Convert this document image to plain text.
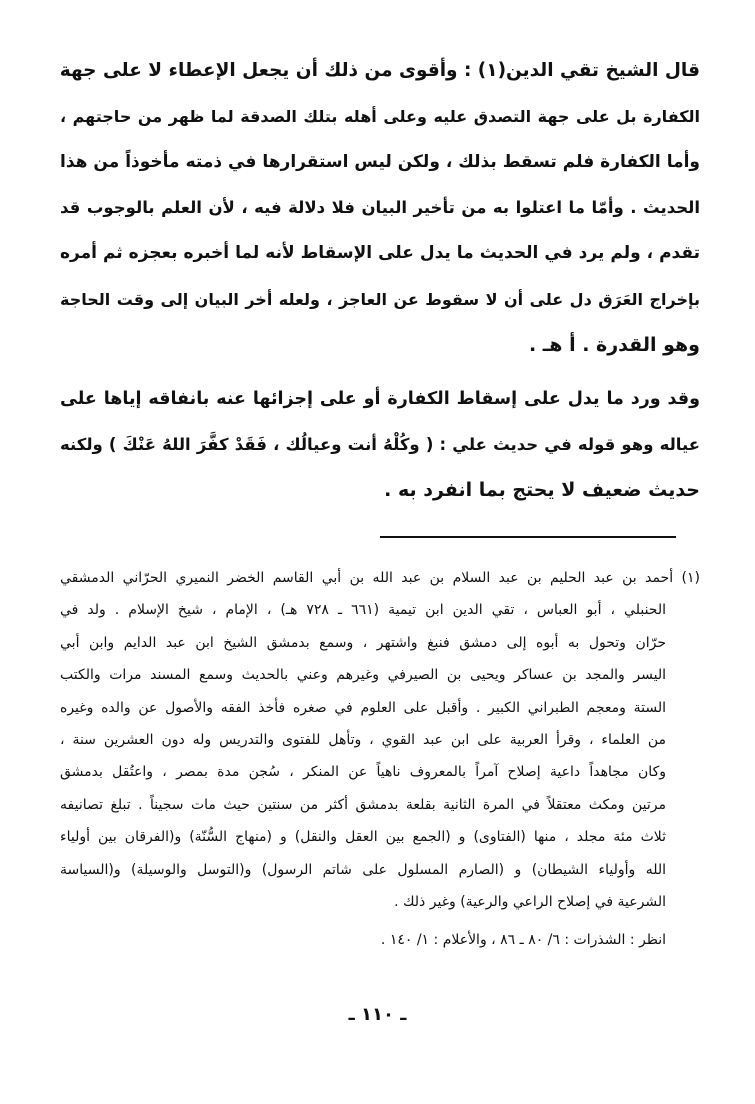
قال الشيخ تقي الدين(١) : وأقوى من ذلك أن يجعل الإعطاء لا على جهة
الكفارة بل على جهة التصدق عليه وعلى أهله بتلك الصدقة لما ظهر من حاجتهم ،
وأما الكفارة فلم تسقط بذلك ، ولكن ليس استقرارها في ذمته مأخوذاً من هذا
الحديث . وأمّا ما اعتلوا به من تأخير البيان فلا دلالة فيه ، لأن العلم بالوجوب قد
تقدم ، ولم يرد في الحديث ما يدل على الإسقاط لأنه لما أخبره بعجزه ثم أمره
بإخراج العَرَق دل على أن لا سقوط عن العاجز ، ولعله أخر البيان إلى وقت الحاجة
وهو القدرة . أ هـ .
وقد ورد ما يدل على إسقاط الكفارة أو على إجزائها عنه بانفاقه إياها على
عياله وهو قوله في حديث علي : ( وكُلْهُ أنت وعيالُك ، فَقَدْ كفَّرَ اللهُ عَنْكَ ) ولكنه
حديث ضعيف لا يحتج بما انفرد به .
(١) أحمد بن عبد الحليم بن عبد السلام بن عبد الله بن أبي القاسم الخضر النميري الحرّاني الدمشقي
الحنبلي ، أبو العباس ، تقي الدين ابن تيمية (٦٦١ ـ ٧٢٨ هـ) ، الإمام ، شيخ الإسلام . ولد في
حرّان وتحول به أبوه إلى دمشق فنبغ واشتهر ، وسمع بدمشق الشيخ ابن عبد الدايم وابن أبي
اليسر والمجد بن عساكر ويحيى بن الصيرفي وغيرهم وعني بالحديث وسمع المسند مرات والكتب
الستة ومعجم الطبراني الكبير . وأقبل على العلوم في صغره فأخذ الفقه والأصول عن والده وغيره
من العلماء ، وقرأ العربية على ابن عبد القوي ، وتأهل للفتوى والتدريس وله دون العشرين سنة ،
وكان مجاهداً داعية إصلاح آمراً بالمعروف ناهياً عن المنكر ، سُجن مدة بمصر ، واعتُقل بدمشق
مرتين ومكث معتقلاً في المرة الثانية بقلعة بدمشق أكثر من سنتين حيث مات سجيناً . تبلغ تصانيفه
ثلاث مئة مجلد ، منها (الفتاوى) و (الجمع بين العقل والنقل) و (منهاج السُّنّة) و(الفرقان بين أولياء
الله وأولياء الشيطان) و (الصارم المسلول على شاتم الرسول) و(التوسل والوسيلة) و(السياسة
الشرعية في إصلاح الراعي والرعية) وغير ذلك .
انظر : الشذرات : ٦/ ٨٠ ـ ٨٦ ، والأعلام : ١/ ١٤٠ .
ـ ١١٠ ـ
